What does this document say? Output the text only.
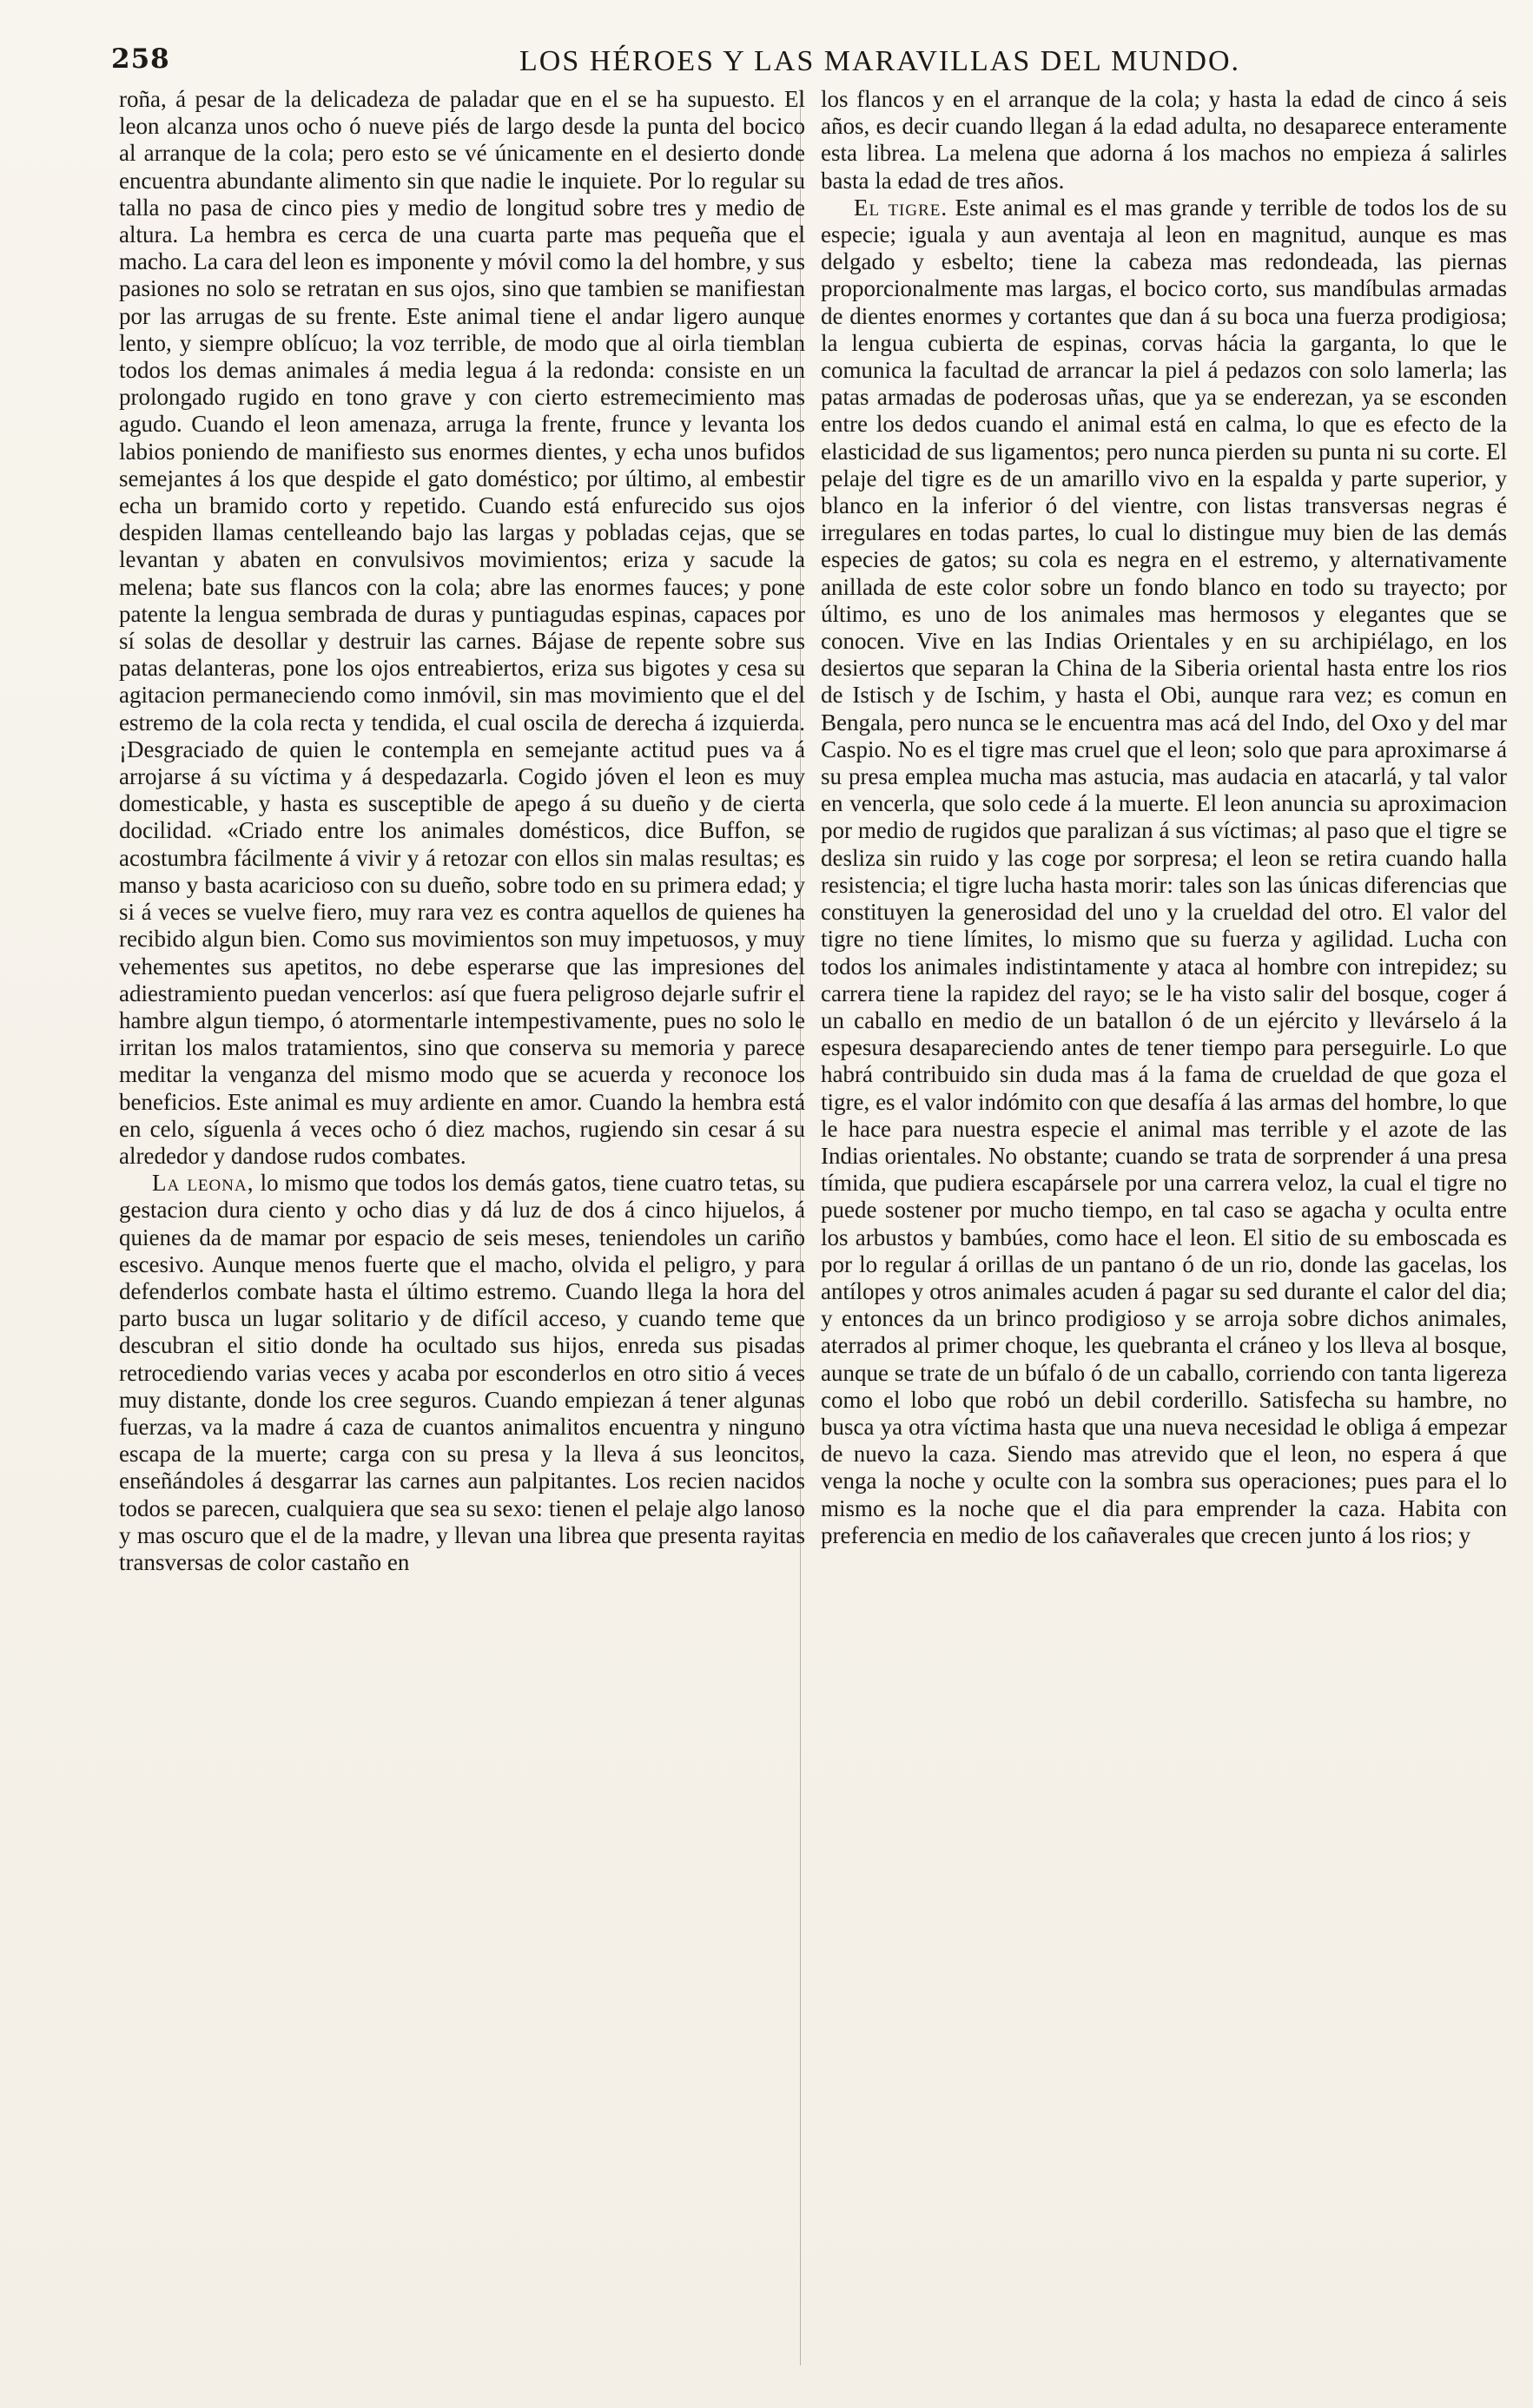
258	LOS HÉROES Y LAS MARAVILLAS DEL MUNDO.

roña, á pesar de la delicadeza de paladar que en el se ha supuesto. El leon alcanza unos ocho ó nueve piés de largo desde la punta del bocico al arranque de la cola; pero esto se vé únicamente en el desierto donde encuentra abundante alimento sin que nadie le inquiete. Por lo regular su talla no pasa de cinco pies y medio de longitud sobre tres y medio de altura. La hembra es cerca de una cuarta parte mas pequeña que el macho. La cara del leon es imponente y móvil como la del hombre, y sus pasiones no solo se retratan en sus ojos, sino que tambien se manifiestan por las arrugas de su frente. Este animal tiene el andar ligero aunque lento, y siempre oblícuo; la voz terrible, de modo que al oirla tiemblan todos los demas animales á media legua á la redonda: consiste en un prolongado rugido en tono grave y con cierto estremecimiento mas agudo. Cuando el leon amenaza, arruga la frente, frunce y levanta los labios poniendo de manifiesto sus enormes dientes, y echa unos bufidos semejantes á los que despide el gato doméstico; por último, al embestir echa un bramido corto y repetido. Cuando está enfurecido sus ojos despiden llamas centelleando bajo las largas y pobladas cejas, que se levantan y abaten en convulsivos movimientos; eriza y sacude la melena; bate sus flancos con la cola; abre las enormes fauces; y pone patente la lengua sembrada de duras y puntiagudas espinas, capaces por sí solas de desollar y destruir las carnes. Bájase de repente sobre sus patas delanteras, pone los ojos entreabiertos, eriza sus bigotes y cesa su agitacion permaneciendo como inmóvil, sin mas movimiento que el del estremo de la cola recta y tendida, el cual oscila de derecha á izquierda. ¡Desgraciado de quien le contempla en semejante actitud pues va á arrojarse á su víctima y á despedazarla. Cogido jóven el leon es muy domesticable, y hasta es susceptible de apego á su dueño y de cierta docilidad. «Criado entre los animales domésticos, dice Buffon, se acostumbra fácilmente á vivir y á retozar con ellos sin malas resultas; es manso y basta acaricioso con su dueño, sobre todo en su primera edad; y si á veces se vuelve fiero, muy rara vez es contra aquellos de quienes ha recibido algun bien. Como sus movimientos son muy impetuosos, y muy vehementes sus apetitos, no debe esperarse que las impresiones del adiestramiento puedan vencerlos: así que fuera peligroso dejarle sufrir el hambre algun tiempo, ó atormentarle intempestivamente, pues no solo le irritan los malos tratamientos, sino que conserva su memoria y parece meditar la venganza del mismo modo que se acuerda y reconoce los beneficios. Este animal es muy ardiente en amor. Cuando la hembra está en celo, síguenla á veces ocho ó diez machos, rugiendo sin cesar á su alrededor y dandose rudos combates.

La leona, lo mismo que todos los demás gatos, tiene cuatro tetas, su gestacion dura ciento y ocho dias y dá luz de dos á cinco hijuelos, á quienes da de mamar por espacio de seis meses, teniendoles un cariño escesivo. Aunque menos fuerte que el macho, olvida el peligro, y para defenderlos combate hasta el último estremo. Cuando llega la hora del parto busca un lugar solitario y de difícil acceso, y cuando teme que descubran el sitio donde ha ocultado sus hijos, enreda sus pisadas retrocediendo varias veces y acaba por esconderlos en otro sitio á veces muy distante, donde los cree seguros. Cuando empiezan á tener algunas fuerzas, va la madre á caza de cuantos animalitos encuentra y ninguno escapa de la muerte; carga con su presa y la lleva á sus leoncitos, enseñándoles á desgarrar las carnes aun palpitantes. Los recien nacidos todos se parecen, cualquiera que sea su sexo: tienen el pelaje algo lanoso y mas oscuro que el de la madre, y llevan una librea que presenta rayitas transversas de color castaño en

los flancos y en el arranque de la cola; y hasta la edad de cinco á seis años, es decir cuando llegan á la edad adulta, no desaparece enteramente esta librea. La melena que adorna á los machos no empieza á salirles basta la edad de tres años.

El tigre. Este animal es el mas grande y terrible de todos los de su especie; iguala y aun aventaja al leon en magnitud, aunque es mas delgado y esbelto; tiene la cabeza mas redondeada, las piernas proporcionalmente mas largas, el bocico corto, sus mandíbulas armadas de dientes enormes y cortantes que dan á su boca una fuerza prodigiosa; la lengua cubierta de espinas, corvas hácia la garganta, lo que le comunica la facultad de arrancar la piel á pedazos con solo lamerla; las patas armadas de poderosas uñas, que ya se enderezan, ya se esconden entre los dedos cuando el animal está en calma, lo que es efecto de la elasticidad de sus ligamentos; pero nunca pierden su punta ni su corte. El pelaje del tigre es de un amarillo vivo en la espalda y parte superior, y blanco en la inferior ó del vientre, con listas transversas negras é irregulares en todas partes, lo cual lo distingue muy bien de las demás especies de gatos; su cola es negra en el estremo, y alternativamente anillada de este color sobre un fondo blanco en todo su trayecto; por último, es uno de los animales mas hermosos y elegantes que se conocen. Vive en las Indias Orientales y en su archipiélago, en los desiertos que separan la China de la Siberia oriental hasta entre los rios de Istisch y de Ischim, y hasta el Obi, aunque rara vez; es comun en Bengala, pero nunca se le encuentra mas acá del Indo, del Oxo y del mar Caspio. No es el tigre mas cruel que el leon; solo que para aproximarse á su presa emplea mucha mas astucia, mas audacia en atacarlá, y tal valor en vencerla, que solo cede á la muerte. El leon anuncia su aproximacion por medio de rugidos que paralizan á sus víctimas; al paso que el tigre se desliza sin ruido y las coge por sorpresa; el leon se retira cuando halla resistencia; el tigre lucha hasta morir: tales son las únicas diferencias que constituyen la generosidad del uno y la crueldad del otro. El valor del tigre no tiene límites, lo mismo que su fuerza y agilidad. Lucha con todos los animales indistintamente y ataca al hombre con intrepidez; su carrera tiene la rapidez del rayo; se le ha visto salir del bosque, coger á un caballo en medio de un batallon ó de un ejército y llevárselo á la espesura desapareciendo antes de tener tiempo para perseguirle. Lo que habrá contribuido sin duda mas á la fama de crueldad de que goza el tigre, es el valor indómito con que desafía á las armas del hombre, lo que le hace para nuestra especie el animal mas terrible y el azote de las Indias orientales. No obstante; cuando se trata de sorprender á una presa tímida, que pudiera escapársele por una carrera veloz, la cual el tigre no puede sostener por mucho tiempo, en tal caso se agacha y oculta entre los arbustos y bambúes, como hace el leon. El sitio de su emboscada es por lo regular á orillas de un pantano ó de un rio, donde las gacelas, los antílopes y otros animales acuden á pagar su sed durante el calor del dia; y entonces da un brinco prodigioso y se arroja sobre dichos animales, aterrados al primer choque, les quebranta el cráneo y los lleva al bosque, aunque se trate de un búfalo ó de un caballo, corriendo con tanta ligereza como el lobo que robó un debil corderillo. Satisfecha su hambre, no busca ya otra víctima hasta que una nueva necesidad le obliga á empezar de nuevo la caza. Siendo mas atrevido que el leon, no espera á que venga la noche y oculte con la sombra sus operaciones; pues para el lo mismo es la noche que el dia para emprender la caza. Habita con preferencia en medio de los cañaverales que crecen junto á los rios; y
